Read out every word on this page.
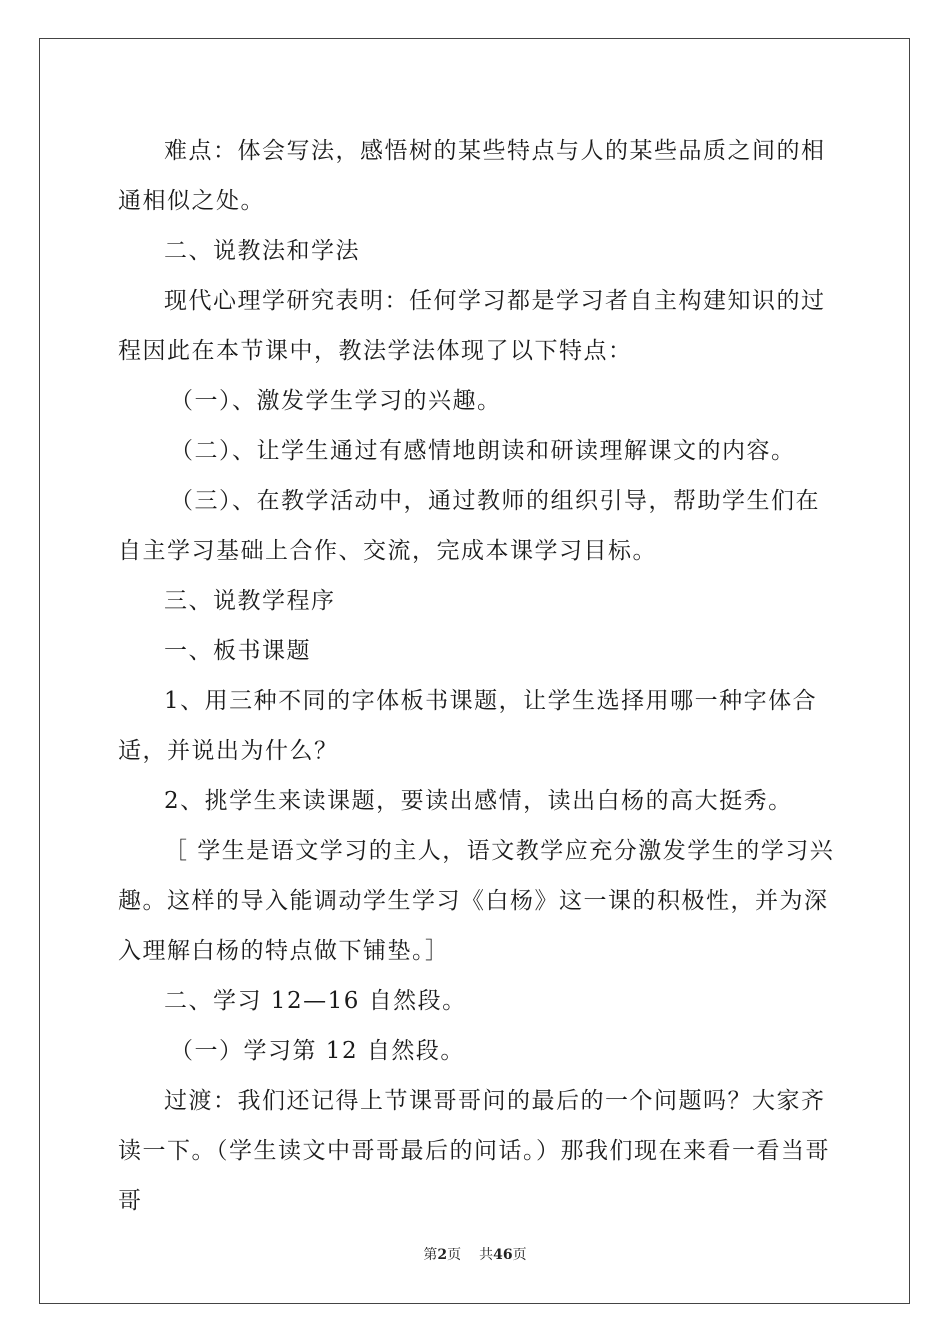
难点：体会写法，感悟树的某些特点与人的某些品质之间的相通相似之处。

二、说教法和学法

现代心理学研究表明：任何学习都是学习者自主构建知识的过程因此在本节课中，教法学法体现了以下特点：

（一）、激发学生学习的兴趣。

（二）、让学生通过有感情地朗读和研读理解课文的内容。

（三）、在教学活动中，通过教师的组织引导，帮助学生们在自主学习基础上合作、交流，完成本课学习目标。

三、说教学程序

一、板书课题

1、用三种不同的字体板书课题，让学生选择用哪一种字体合适，并说出为什么？

2、挑学生来读课题，要读出感情，读出白杨的高大挺秀。

［ 学生是语文学习的主人，语文教学应充分激发学生的学习兴趣。这样的导入能调动学生学习《白杨》这一课的积极性，并为深入理解白杨的特点做下铺垫。］

二、学习 12—16 自然段。

（一）学习第 12 自然段。

过渡：我们还记得上节课哥哥问的最后的一个问题吗？大家齐读一下。（学生读文中哥哥最后的问话。）那我们现在来看一看当哥哥

第2页 共46页
